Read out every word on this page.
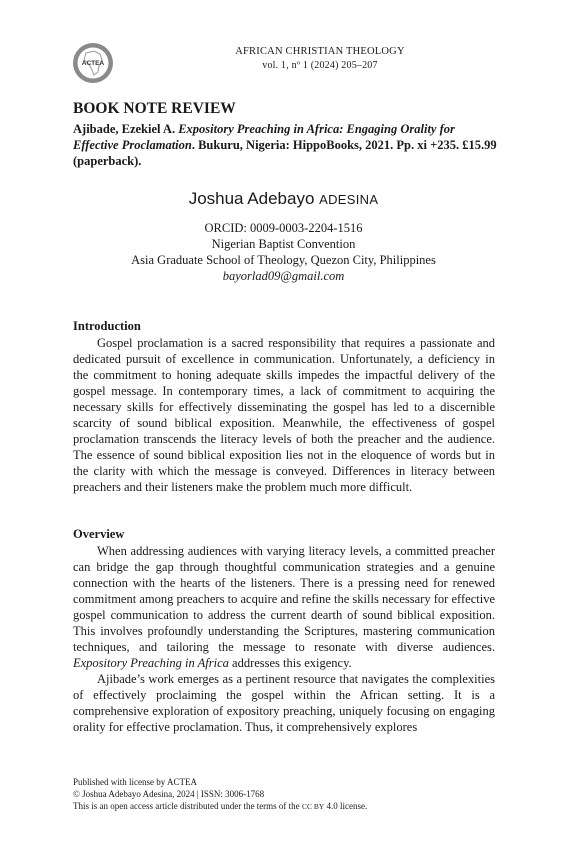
ACTEA
AFRICAN CHRISTIAN THEOLOGY
vol. 1, nº 1 (2024) 205–207
BOOK NOTE REVIEW
Ajibade, Ezekiel A. Expository Preaching in Africa: Engaging Orality for Effective Proclamation. Bukuru, Nigeria: HippoBooks, 2021. Pp. xi +235. £15.99 (paperback).
Joshua Adebayo ADESINA
ORCID: 0009-0003-2204-1516
Nigerian Baptist Convention
Asia Graduate School of Theology, Quezon City, Philippines
bayorlad09@gmail.com
Introduction

Gospel proclamation is a sacred responsibility that requires a passionate and dedicated pursuit of excellence in communication. Unfortunately, a deficiency in the commitment to honing adequate skills impedes the impactful delivery of the gospel message. In contemporary times, a lack of commitment to acquiring the necessary skills for effectively disseminating the gospel has led to a discernible scarcity of sound biblical exposition. Meanwhile, the effectiveness of gospel proclamation transcends the literacy levels of both the preacher and the audience. The essence of sound biblical exposition lies not in the eloquence of words but in the clarity with which the message is conveyed. Differences in literacy between preachers and their listeners make the problem much more difficult.

Overview

When addressing audiences with varying literacy levels, a committed preacher can bridge the gap through thoughtful communication strategies and a genuine connection with the hearts of the listeners. There is a pressing need for renewed commitment among preachers to acquire and refine the skills necessary for effective gospel communication to address the current dearth of sound biblical exposition. This involves profoundly understanding the Scriptures, mastering communication techniques, and tailoring the message to resonate with diverse audiences. Expository Preaching in Africa addresses this exigency.

Ajibade’s work emerges as a pertinent resource that navigates the complexities of effectively proclaiming the gospel within the African setting. It is a comprehensive exploration of expository preaching, uniquely focusing on engaging orality for effective proclamation. Thus, it comprehensively explores

Published with license by ACTEA
© Joshua Adebayo Adesina, 2024 | ISSN: 3006-1768
This is an open access article distributed under the terms of the CC BY 4.0 license.
